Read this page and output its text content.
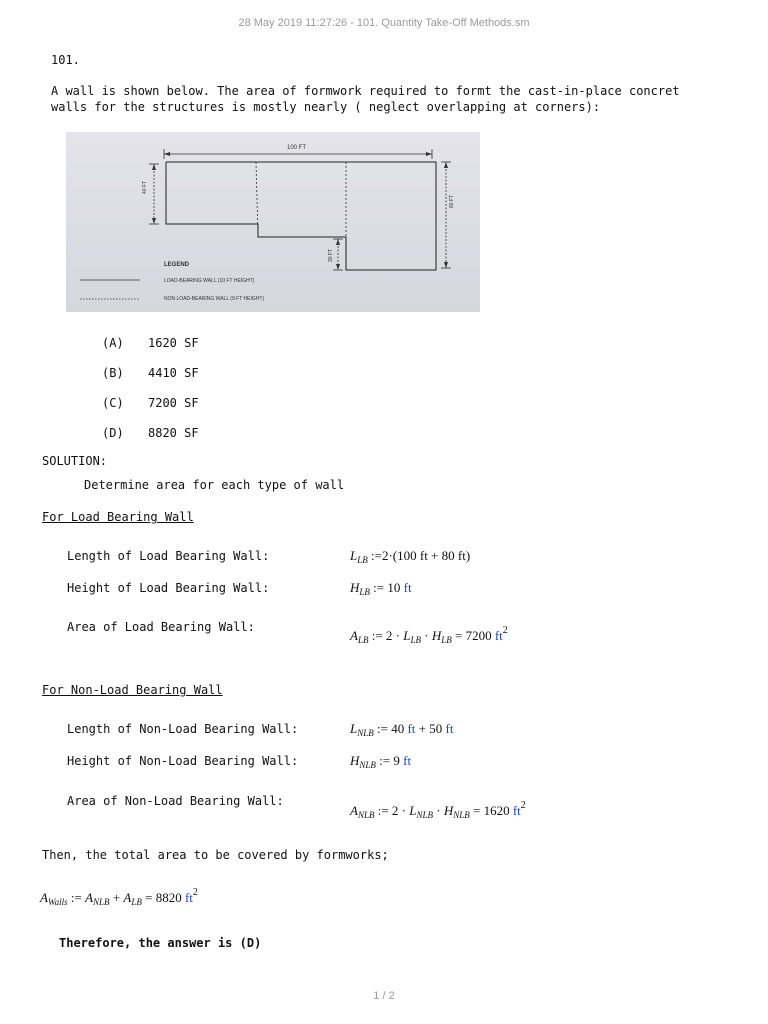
28 May 2019 11:27:26 - 101. Quantity Take-Off Methods.sm
101.
A wall is shown below. The area of formwork required to formt the cast-in-place concret
walls for the structures is mostly nearly ( neglect overlapping at corners):
100 FT
40 FT
80 FT
30 FT
LEGEND
LOAD-BEARING WALL (10 FT HEIGHT)
NON LOAD-BEARING WALL (9 FT HEIGHT)
(A) 1620 SF
(B) 4410 SF
(C) 7200 SF
(D) 8820 SF
SOLUTION:
Determine area for each type of wall
For Load Bearing Wall
Length of Load Bearing Wall:	$L_{LB}$ :=2·(100 ft + 80 ft)
Height of Load Bearing Wall:	$H_{LB}$ := 10 ft
Area of Load Bearing Wall:
$A_{LB}$ := $2 \cdot L_{LB} \cdot H_{LB} = 7200$ $ft^2$
For Non-Load Bearing Wall
Length of Non-Load Bearing Wall:	$L_{NLB}$ := 40 ft + 50 ft
Height of Non-Load Bearing Wall:	$H_{NLB}$ := 9 ft
Area of Non-Load Bearing Wall:
$A_{NLB}$ := $2 \cdot L_{NLB} \cdot H_{NLB} = 1620$ $ft^2$
Then, the total area to be covered by formworks;
$A_{Walls}$ := $A_{NLB} + A_{LB} = 8820$ $ft^2$
Therefore, the answer is (D)
1 / 2
